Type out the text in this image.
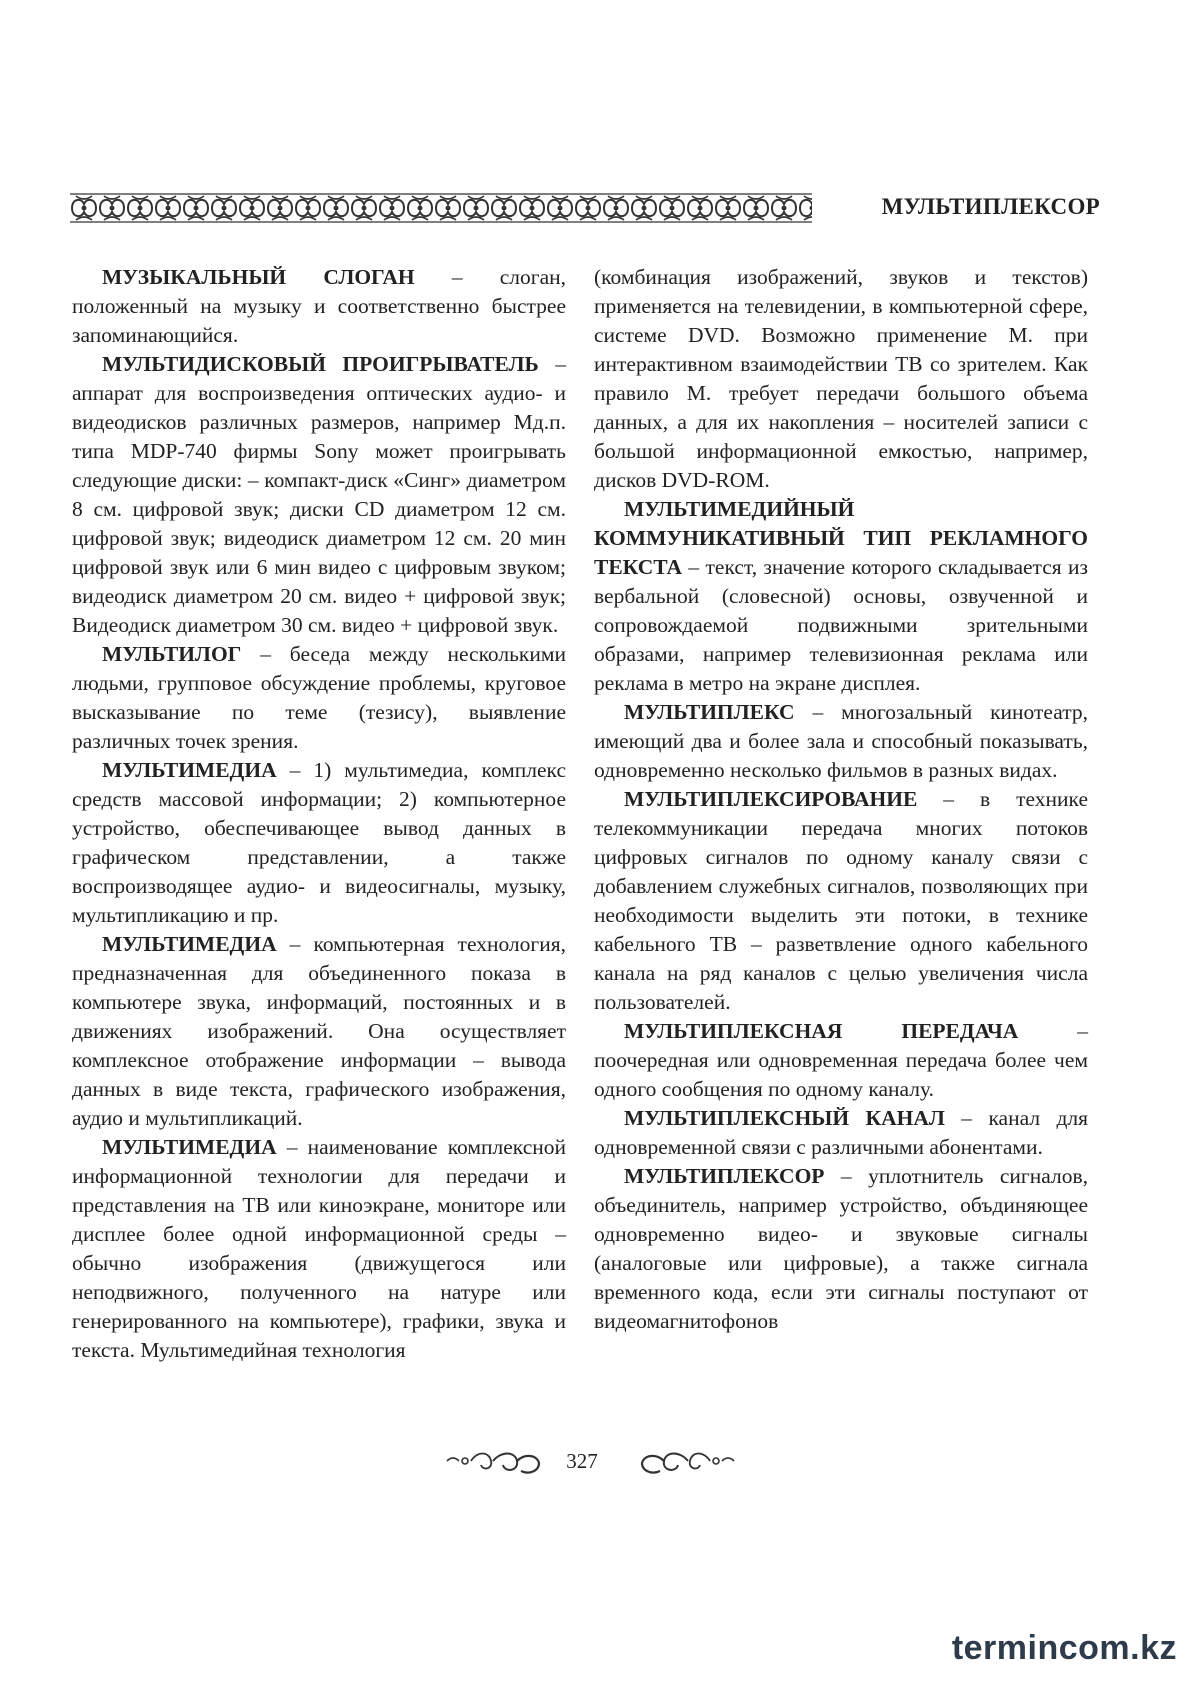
МУЛЬТИПЛЕКСОР

МУЗЫКАЛЬНЫЙ СЛОГАН – слоган, положенный на музыку и соответственно быстрее запоминающийся.

МУЛЬТИДИСКОВЫЙ ПРОИГРЫВАТЕЛЬ – аппарат для воспроизведения оптических аудио- и видеодисков различных размеров, например Мд.п. типа MDP-740 фирмы Sony может проигрывать следующие диски: – компакт-диск «Синг» диаметром 8 см. цифровой звук; диски CD диаметром 12 см. цифровой звук; видеодиск диаметром 12 см. 20 мин цифровой звук или 6 мин видео с цифровым звуком; видеодиск диаметром 20 см. видео + цифровой звук; Видеодиск диаметром 30 см. видео + цифровой звук.

МУЛЬТИЛОГ – беседа между несколькими людьми, групповое обсуждение проблемы, круговое высказывание по теме (тезису), выявление различных точек зрения.

МУЛЬТИМЕДИА – 1) мультимедиа, комплекс средств массовой информации; 2) компьютерное устройство, обеспечивающее вывод данных в графическом представлении, а также воспроизводящее аудио- и видеосигналы, музыку, мультипликацию и пр.

МУЛЬТИМЕДИА – компьютерная технология, предназначенная для объединенного показа в компьютере звука, информаций, постоянных и в движениях изображений. Она осуществляет комплексное отображение информации – вывода данных в виде текста, графического изображения, аудио и мультипликаций.

МУЛЬТИМЕДИА – наименование комплексной информационной технологии для передачи и представления на ТВ или киноэкране, мониторе или дисплее более одной информационной среды – обычно изображения (движущегося или неподвижного, полученного на натуре или генерированного на компьютере), графики, звука и текста. Мультимедийная технология

(комбинация изображений, звуков и текстов) применяется на телевидении, в компьютерной сфере, системе DVD. Возможно применение М. при интерактивном взаимодействии ТВ со зрителем. Как правило М. требует передачи большого объема данных, а для их накопления – носителей записи с большой информационной емкостью, например, дисков DVD-ROM.

МУЛЬТИМЕДИЙНЫЙ КОММУНИКАТИВНЫЙ ТИП РЕКЛАМНОГО ТЕКСТА – текст, значение которого складывается из вербальной (словесной) основы, озвученной и сопровождаемой подвижными зрительными образами, например телевизионная реклама или реклама в метро на экране дисплея.

МУЛЬТИПЛЕКС – многозальный кинотеатр, имеющий два и более зала и способный показывать, одновременно несколько фильмов в разных видах.

МУЛЬТИПЛЕКСИРОВАНИЕ – в технике телекоммуникации передача многих потоков цифровых сигналов по одному каналу связи с добавлением служебных сигналов, позволяющих при необходимости выделить эти потоки, в технике кабельного ТВ – разветвление одного кабельного канала на ряд каналов с целью увеличения числа пользователей.

МУЛЬТИПЛЕКСНАЯ ПЕРЕДАЧА – поочередная или одновременная передача более чем одного сообщения по одному каналу.

МУЛЬТИПЛЕКСНЫЙ КАНАЛ – канал для одновременной связи с различными абонентами.

МУЛЬТИПЛЕКСОР – уплотнитель сигналов, объединитель, например устройство, объдиняющее одновременно видео- и звуковые сигналы (аналоговые или цифровые), а также сигнала временного кода, если эти сигналы поступают от видеомагнитофонов

327
termincom.kz
